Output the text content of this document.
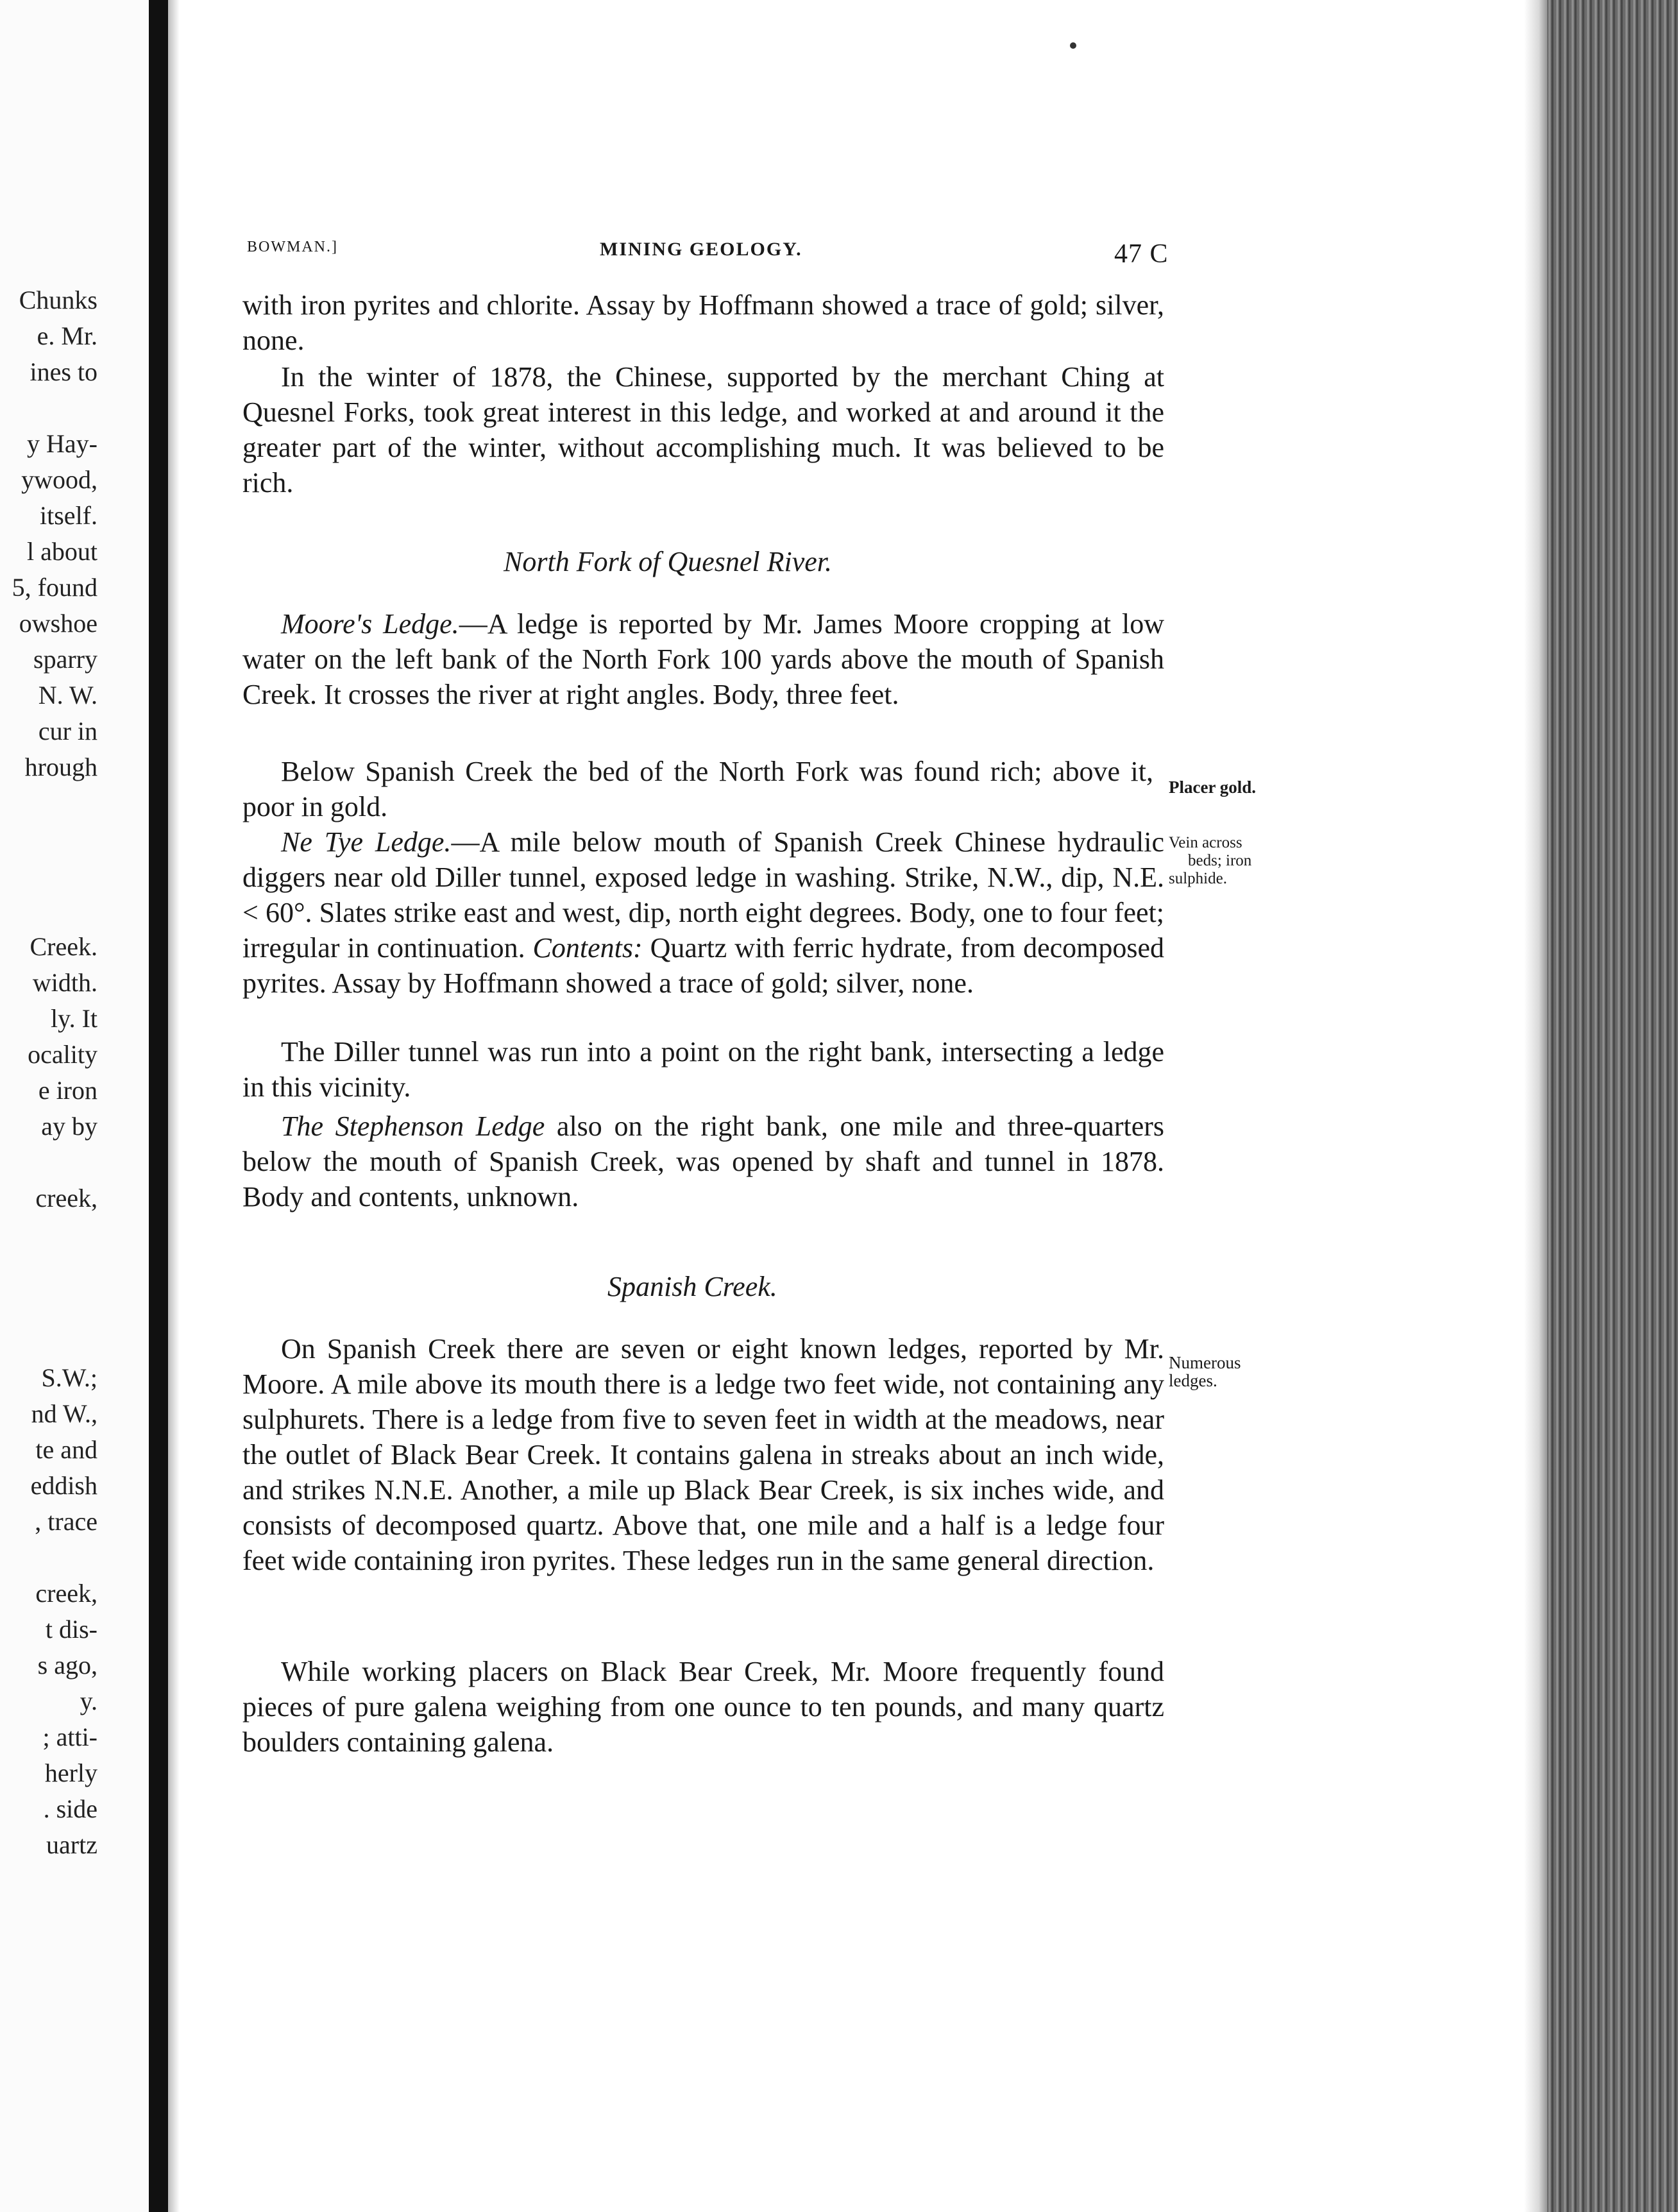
Chunks
e. Mr.
ines to
y Hay-
ywood,
itself.
l about
5, found
owshoe
sparry
N. W.
cur in
hrough
Creek.
width.
ly. It
ocality
e iron
ay by
creek,
S.W.;
nd W.,
te and
eddish
, trace
creek,
t dis-
s ago,
y.
; atti-
herly
. side
uartz
BOWMAN.]	MINING GEOLOGY.	47 C
with iron pyrites and chlorite. Assay by Hoffmann showed a trace of gold; silver, none.
In the winter of 1878, the Chinese, supported by the merchant Ching at Quesnel Forks, took great interest in this ledge, and worked at and around it the greater part of the winter, without accomplishing much. It was believed to be rich.
North Fork of Quesnel River.
Moore's Ledge.—A ledge is reported by Mr. James Moore cropping at low water on the left bank of the North Fork 100 yards above the mouth of Spanish Creek. It crosses the river at right angles. Body, three feet.
Below Spanish Creek the bed of the North Fork was found rich; above it, poor in gold.
Placer gold.
Ne Tye Ledge.—A mile below mouth of Spanish Creek Chinese hydraulic diggers near old Diller tunnel, exposed ledge in washing. Strike, N.W., dip, N.E. < 60°. Slates strike east and west, dip, north eight degrees. Body, one to four feet; irregular in continuation. Contents: Quartz with ferric hydrate, from decomposed pyrites. Assay by Hoffmann showed a trace of gold; silver, none.
Vein across
beds; iron
sulphide.
The Diller tunnel was run into a point on the right bank, intersecting a ledge in this vicinity.
The Stephenson Ledge also on the right bank, one mile and three-quarters below the mouth of Spanish Creek, was opened by shaft and tunnel in 1878. Body and contents, unknown.
Spanish Creek.
On Spanish Creek there are seven or eight known ledges, reported by Mr. Moore. A mile above its mouth there is a ledge two feet wide, not containing any sulphurets. There is a ledge from five to seven feet in width at the meadows, near the outlet of Black Bear Creek. It contains galena in streaks about an inch wide, and strikes N.N.E. Another, a mile up Black Bear Creek, is six inches wide, and consists of decomposed quartz. Above that, one mile and a half is a ledge four feet wide containing iron pyrites. These ledges run in the same general direction.
Numerous
ledges.
While working placers on Black Bear Creek, Mr. Moore frequently found pieces of pure galena weighing from one ounce to ten pounds, and many quartz boulders containing galena.
